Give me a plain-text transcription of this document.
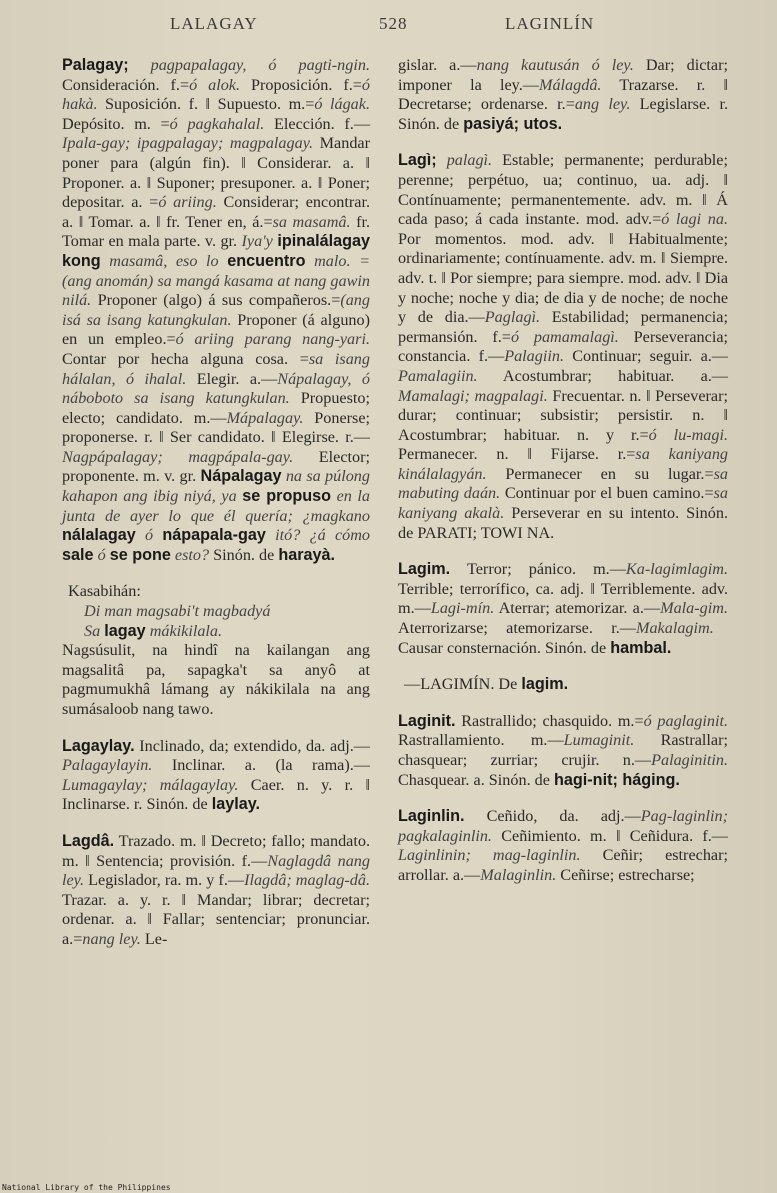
LALAGAY	528	LAGINLÍN

Palagay; pagpapalagay, ó pagti-ngin. Consideración. f.=ó alok. Proposición. f.=ó hakà. Suposición. f. ‖ Supuesto. m.=ó lágak. Depósito. m. =ó pagkahalal. Elección. f.—Ipala-gay; ipagpalagay; magpalagay. Mandar poner para (algún fin). ‖ Considerar. a. ‖ Proponer. a. ‖ Suponer; presuponer. a. ‖ Poner; depositar. a. =ó ariing. Considerar; encontrar. a. ‖ Tomar. a. ‖ fr. Tener en, á.=sa masamâ. fr. Tomar en mala parte. v. gr. Iya'y ipinalálagay kong masamâ, eso lo encuentro malo. =(ang anomán) sa mangá kasama at nang gawin nilá. Proponer (algo) á sus compañeros.=(ang isá sa isang katungkulan. Proponer (á alguno) en un empleo.=ó ariing parang nang-yari. Contar por hecha alguna cosa. =sa isang hálalan, ó ihalal. Elegir. a.—Nápalagay, ó náboboto sa isang katungkulan. Propuesto; electo; candidato. m.—Mápalagay. Ponerse; proponerse. r. ‖ Ser candidato. ‖ Elegirse. r.—Nagpápalagay; magpápala-gay. Elector; proponente. m. v. gr. Nápalagay na sa púlong kahapon ang ibig niyá, ya se propuso en la junta de ayer lo que él quería; ¿magkano nálalagay ó nápapala-gay itó? ¿á cómo sale ó se pone esto? Sinón. de harayà.

Kasabihán:
Di man magsabi't magbadyá
Sa lagay mákikilala.
Nagsúsulit, na hindî na kailangan ang magsalitâ pa, sapagka't sa anyô at pagmumukhâ lámang ay nákikilala na ang sumásaloob nang tawo.

Lagaylay. Inclinado, da; extendido, da. adj.—Palagaylayin. Inclinar. a. (la rama).—Lumagaylay; málagaylay. Caer. n. y. r. ‖ Inclinarse. r. Sinón. de laylay.

Lagdâ. Trazado. m. ‖ Decreto; fallo; mandato. m. ‖ Sentencia; provisión. f.—Naglagdâ nang ley. Legislador, ra. m. y f.—Ilagdâ; maglag-dâ. Trazar. a. y. r. ‖ Mandar; librar; decretar; ordenar. a. ‖ Fallar; sentenciar; pronunciar. a.=nang ley. Le-

gislar. a.—nang kautusán ó ley. Dar; dictar; imponer la ley.—Málagdâ. Trazarse. r. ‖ Decretarse; ordenarse. r.=ang ley. Legislarse. r. Sinón. de pasiyá; utos.

Lagì; palagì. Estable; permanente; perdurable; perenne; perpétuo, ua; continuo, ua. adj. ‖ Contínuamente; permanentemente. adv. m. ‖ Á cada paso; á cada instante. mod. adv.=ó lagi na. Por momentos. mod. adv. ‖ Habitualmente; ordinariamente; contínuamente. adv. m. ‖ Siempre. adv. t. ‖ Por siempre; para siempre. mod. adv. ‖ Dia y noche; noche y dia; de dia y de noche; de noche y de dia.—Paglagì. Estabilidad; permanencia; permansión. f.=ó pamamalagì. Perseverancia; constancia. f.—Palagiin. Continuar; seguir. a.—Pamalagiin. Acostumbrar; habituar. a.—Mamalagi; magpalagi. Frecuentar. n. ‖ Perseverar; durar; continuar; subsistir; persistir. n. ‖ Acostumbrar; habituar. n. y r.=ó lu-magi. Permanecer. n. ‖ Fijarse. r.=sa kaniyang kinálalagyán. Permanecer en su lugar.=sa mabuting daán. Continuar por el buen camino.=sa kaniyang akalà. Perseverar en su intento. Sinón. de PARATI; TOWI NA.

Lagim. Terror; pánico. m.—Ka-lagimlagim. Terrible; terrorífico, ca. adj. ‖ Terriblemente. adv. m.—Lagi-mín. Aterrar; atemorizar. a.—Mala-gim. Aterrorizarse; atemorizarse. r.—Makalagim. Causar consternación. Sinón. de hambal.

—LAGIMÍN. De lagim.

Laginit. Rastrallido; chasquido. m.=ó paglaginit. Rastrallamiento. m.—Lumaginit. Rastrallar; chasquear; zurriar; crujir. n.—Palaginitin. Chasquear. a. Sinón. de hagi-nit; háging.

Laginlin. Ceñido, da. adj.—Pag-laginlin; pagkalaginlin. Ceñimiento. m. ‖ Ceñidura. f.—Laginlinin; mag-laginlin. Ceñir; estrechar; arrollar. a.—Malaginlin. Ceñirse; estrecharse;

National Library of the Philippines
